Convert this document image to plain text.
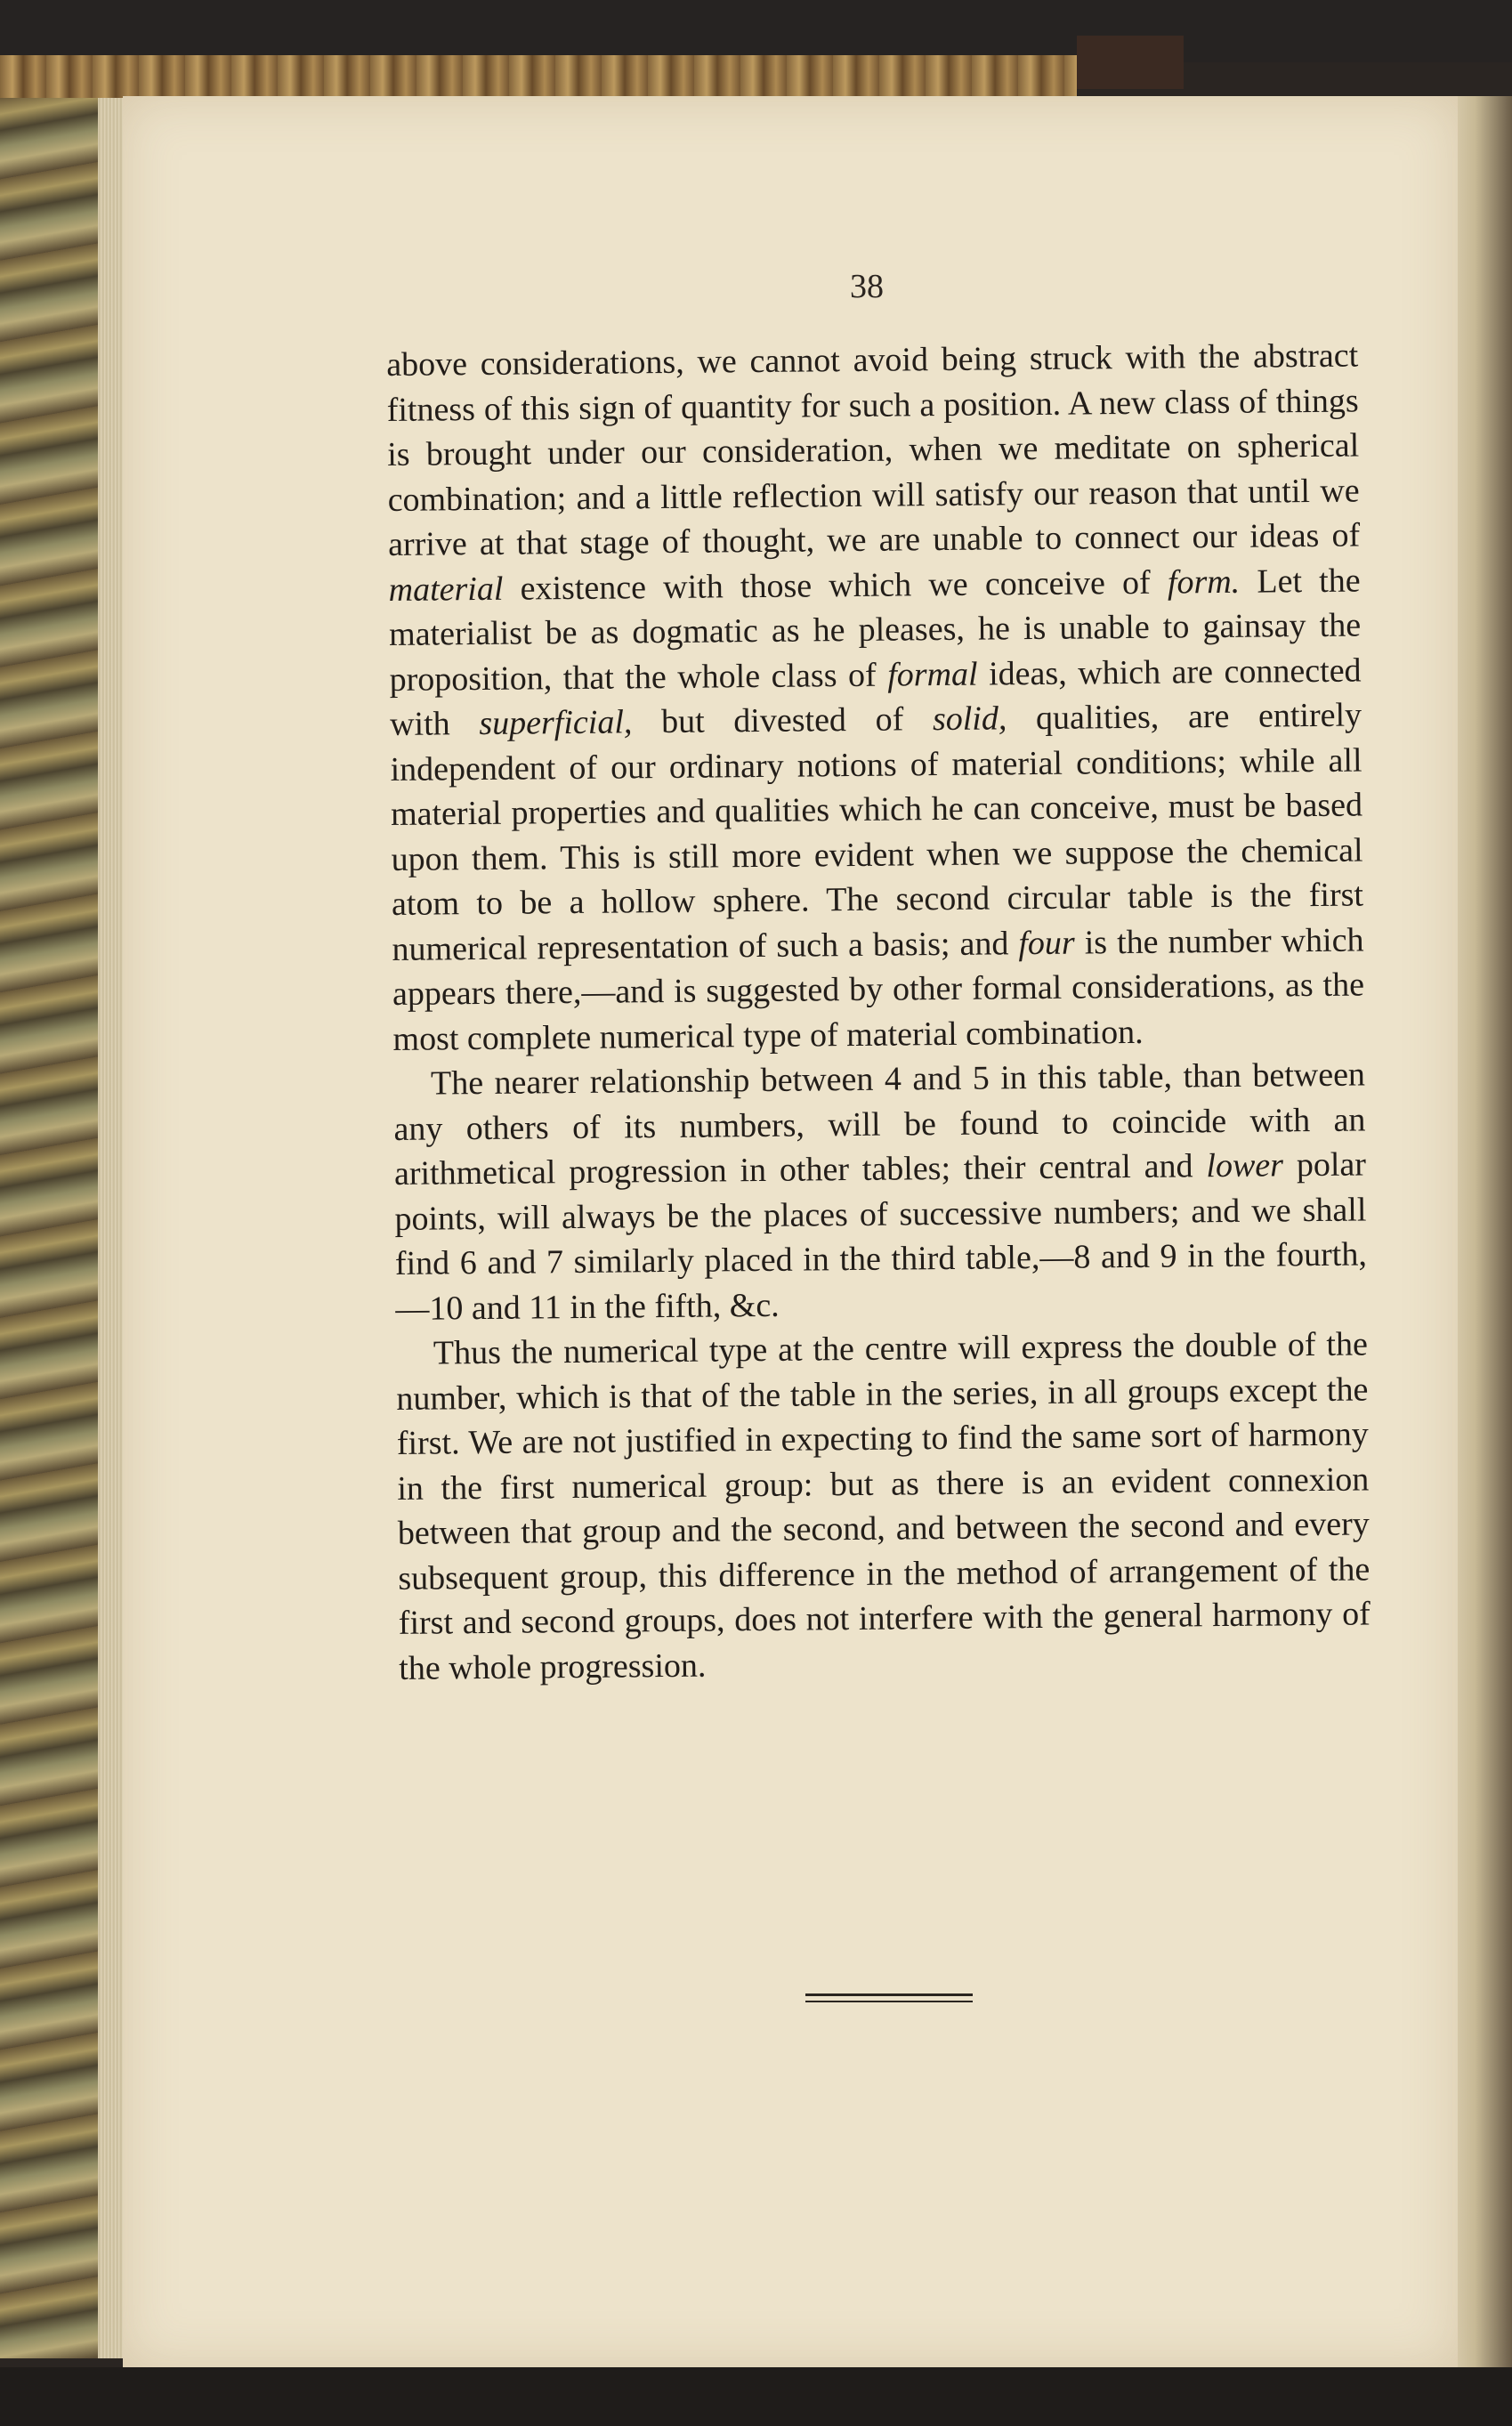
38

above considerations, we cannot avoid being struck with the abstract fitness of this sign of quantity for such a position. A new class of things is brought under our consideration, when we meditate on spherical combination; and a little reflection will satisfy our reason that until we arrive at that stage of thought, we are unable to connect our ideas of material existence with those which we conceive of form. Let the materialist be as dogmatic as he pleases, he is unable to gainsay the proposition, that the whole class of formal ideas, which are connected with superficial, but divested of solid, qualities, are entirely independent of our ordinary notions of material conditions; while all material properties and qualities which he can conceive, must be based upon them. This is still more evident when we suppose the chemical atom to be a hollow sphere. The second circular table is the first numerical representation of such a basis; and four is the number which appears there,—and is suggested by other formal considerations, as the most complete numerical type of material combination.

The nearer relationship between 4 and 5 in this table, than between any others of its numbers, will be found to coincide with an arithmetical progression in other tables; their central and lower polar points, will always be the places of successive numbers; and we shall find 6 and 7 similarly placed in the third table,—8 and 9 in the fourth,—10 and 11 in the fifth, &c.

Thus the numerical type at the centre will express the double of the number, which is that of the table in the series, in all groups except the first. We are not justified in expecting to find the same sort of harmony in the first numerical group: but as there is an evident connexion between that group and the second, and between the second and every subsequent group, this difference in the method of arrangement of the first and second groups, does not interfere with the general harmony of the whole progression.
